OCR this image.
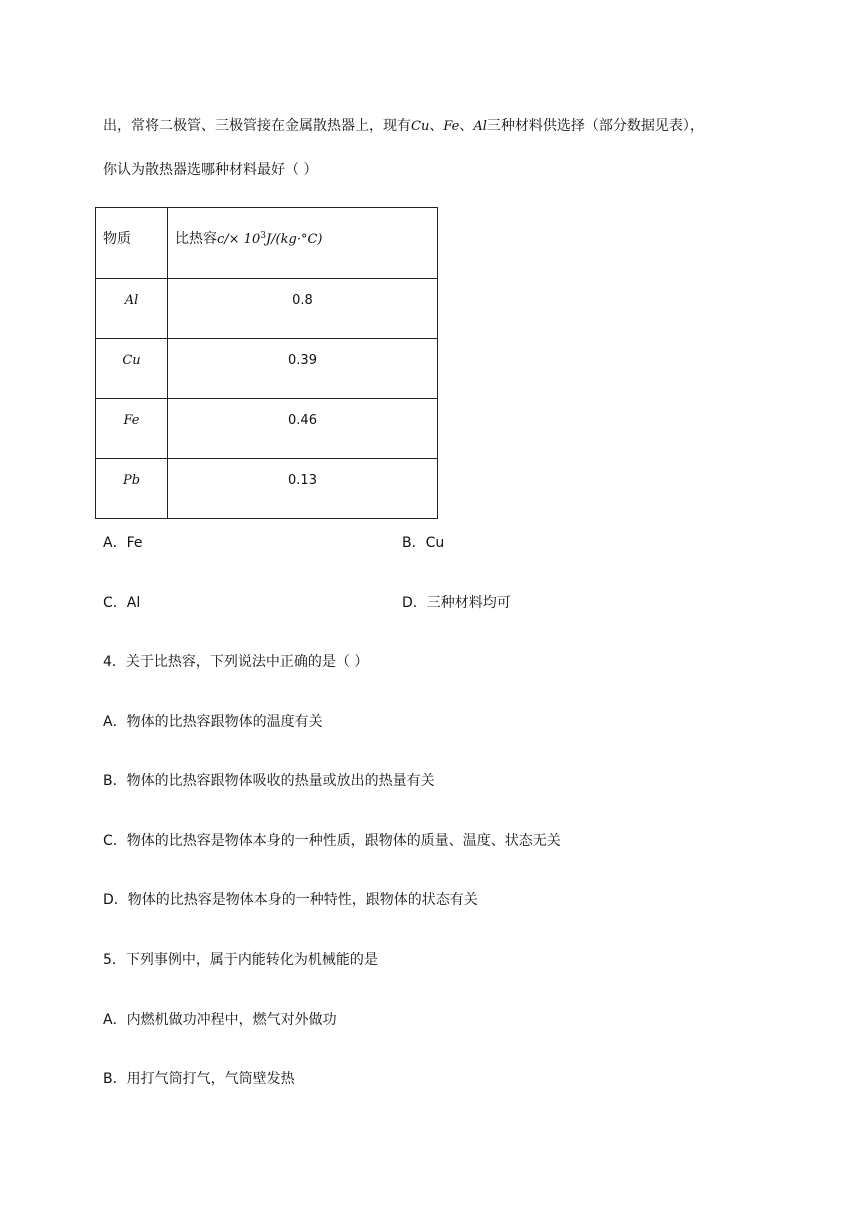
出，常将二极管、三极管接在金属散热器上，现有Cu、Fe、Al三种材料供选择（部分数据见表），
你认为散热器选哪种材料最好（ ）
物质	比热容$c/\times 10^3J/(kg\cdot^\circ C)$

Al	0.8

Cu	0.39

Fe	0.46

Pb	0.13
A．Fe	B．Cu
C．Al	D．三种材料均可
4．关于比热容，下列说法中正确的是（ ）
A．物体的比热容跟物体的温度有关
B．物体的比热容跟物体吸收的热量或放出的热量有关
C．物体的比热容是物体本身的一种性质，跟物体的质量、温度、状态无关
D．物体的比热容是物体本身的一种特性，跟物体的状态有关
5．下列事例中，属于内能转化为机械能的是
A．内燃机做功冲程中，燃气对外做功
B．用打气筒打气，气筒壁发热
